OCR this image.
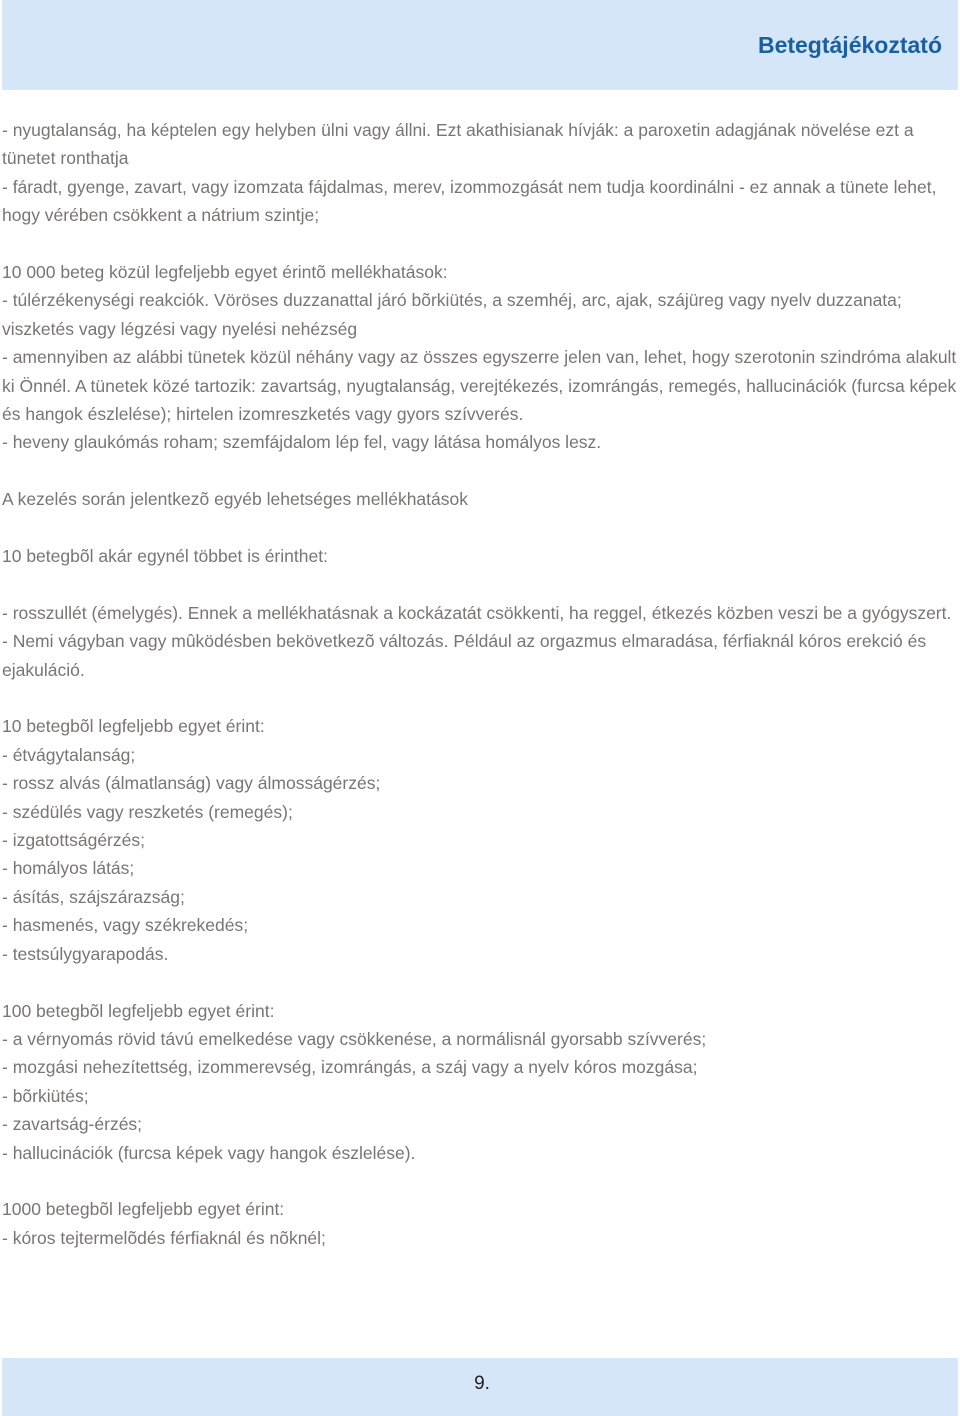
Betegtájékoztató

- nyugtalanság, ha képtelen egy helyben ülni vagy állni. Ezt akathisianak hívják: a paroxetin adagjának növelése ezt a tünetet ronthatja

- fáradt, gyenge, zavart, vagy izomzata fájdalmas, merev, izommozgását nem tudja koordinálni - ez annak a tünete lehet, hogy vérében csökkent a nátrium szintje;

10 000 beteg közül legfeljebb egyet érintõ mellékhatások:

- túlérzékenységi reakciók. Vöröses duzzanattal járó bõrkiütés, a szemhéj, arc, ajak, szájüreg vagy nyelv duzzanata; viszketés vagy légzési vagy nyelési nehézség

- amennyiben az alábbi tünetek közül néhány vagy az összes egyszerre jelen van, lehet, hogy szerotonin szindróma alakult ki Önnél. A tünetek közé tartozik: zavartság, nyugtalanság, verejtékezés, izomrángás, remegés, hallucinációk (furcsa képek és hangok észlelése); hirtelen izomreszketés vagy gyors szívverés.

- heveny glaukómás roham; szemfájdalom lép fel, vagy látása homályos lesz.

A kezelés során jelentkezõ egyéb lehetséges mellékhatások

10 betegbõl akár egynél többet is érinthet:

- rosszullét (émelygés). Ennek a mellékhatásnak a kockázatát csökkenti, ha reggel, étkezés közben veszi be a gyógyszert.

- Nemi vágyban vagy mûködésben bekövetkezõ változás. Például az orgazmus elmaradása, férfiaknál kóros erekció és ejakuláció.

10 betegbõl legfeljebb egyet érint:

- étvágytalanság;

- rossz alvás (álmatlanság) vagy álmosságérzés;

- szédülés vagy reszketés (remegés);

- izgatottságérzés;

- homályos látás;

- ásítás, szájszárazság;

- hasmenés, vagy székrekedés;

- testsúlygyarapodás.

100 betegbõl legfeljebb egyet érint:

- a vérnyomás rövid távú emelkedése vagy csökkenése, a normálisnál gyorsabb szívverés;

- mozgási nehezítettség, izommerevség, izomrángás, a száj vagy a nyelv kóros mozgása;

- bõrkiütés;

- zavartság-érzés;

- hallucinációk (furcsa képek vagy hangok észlelése).

1000 betegbõl legfeljebb egyet érint:

- kóros tejtermelõdés férfiaknál és nõknél;

9.
